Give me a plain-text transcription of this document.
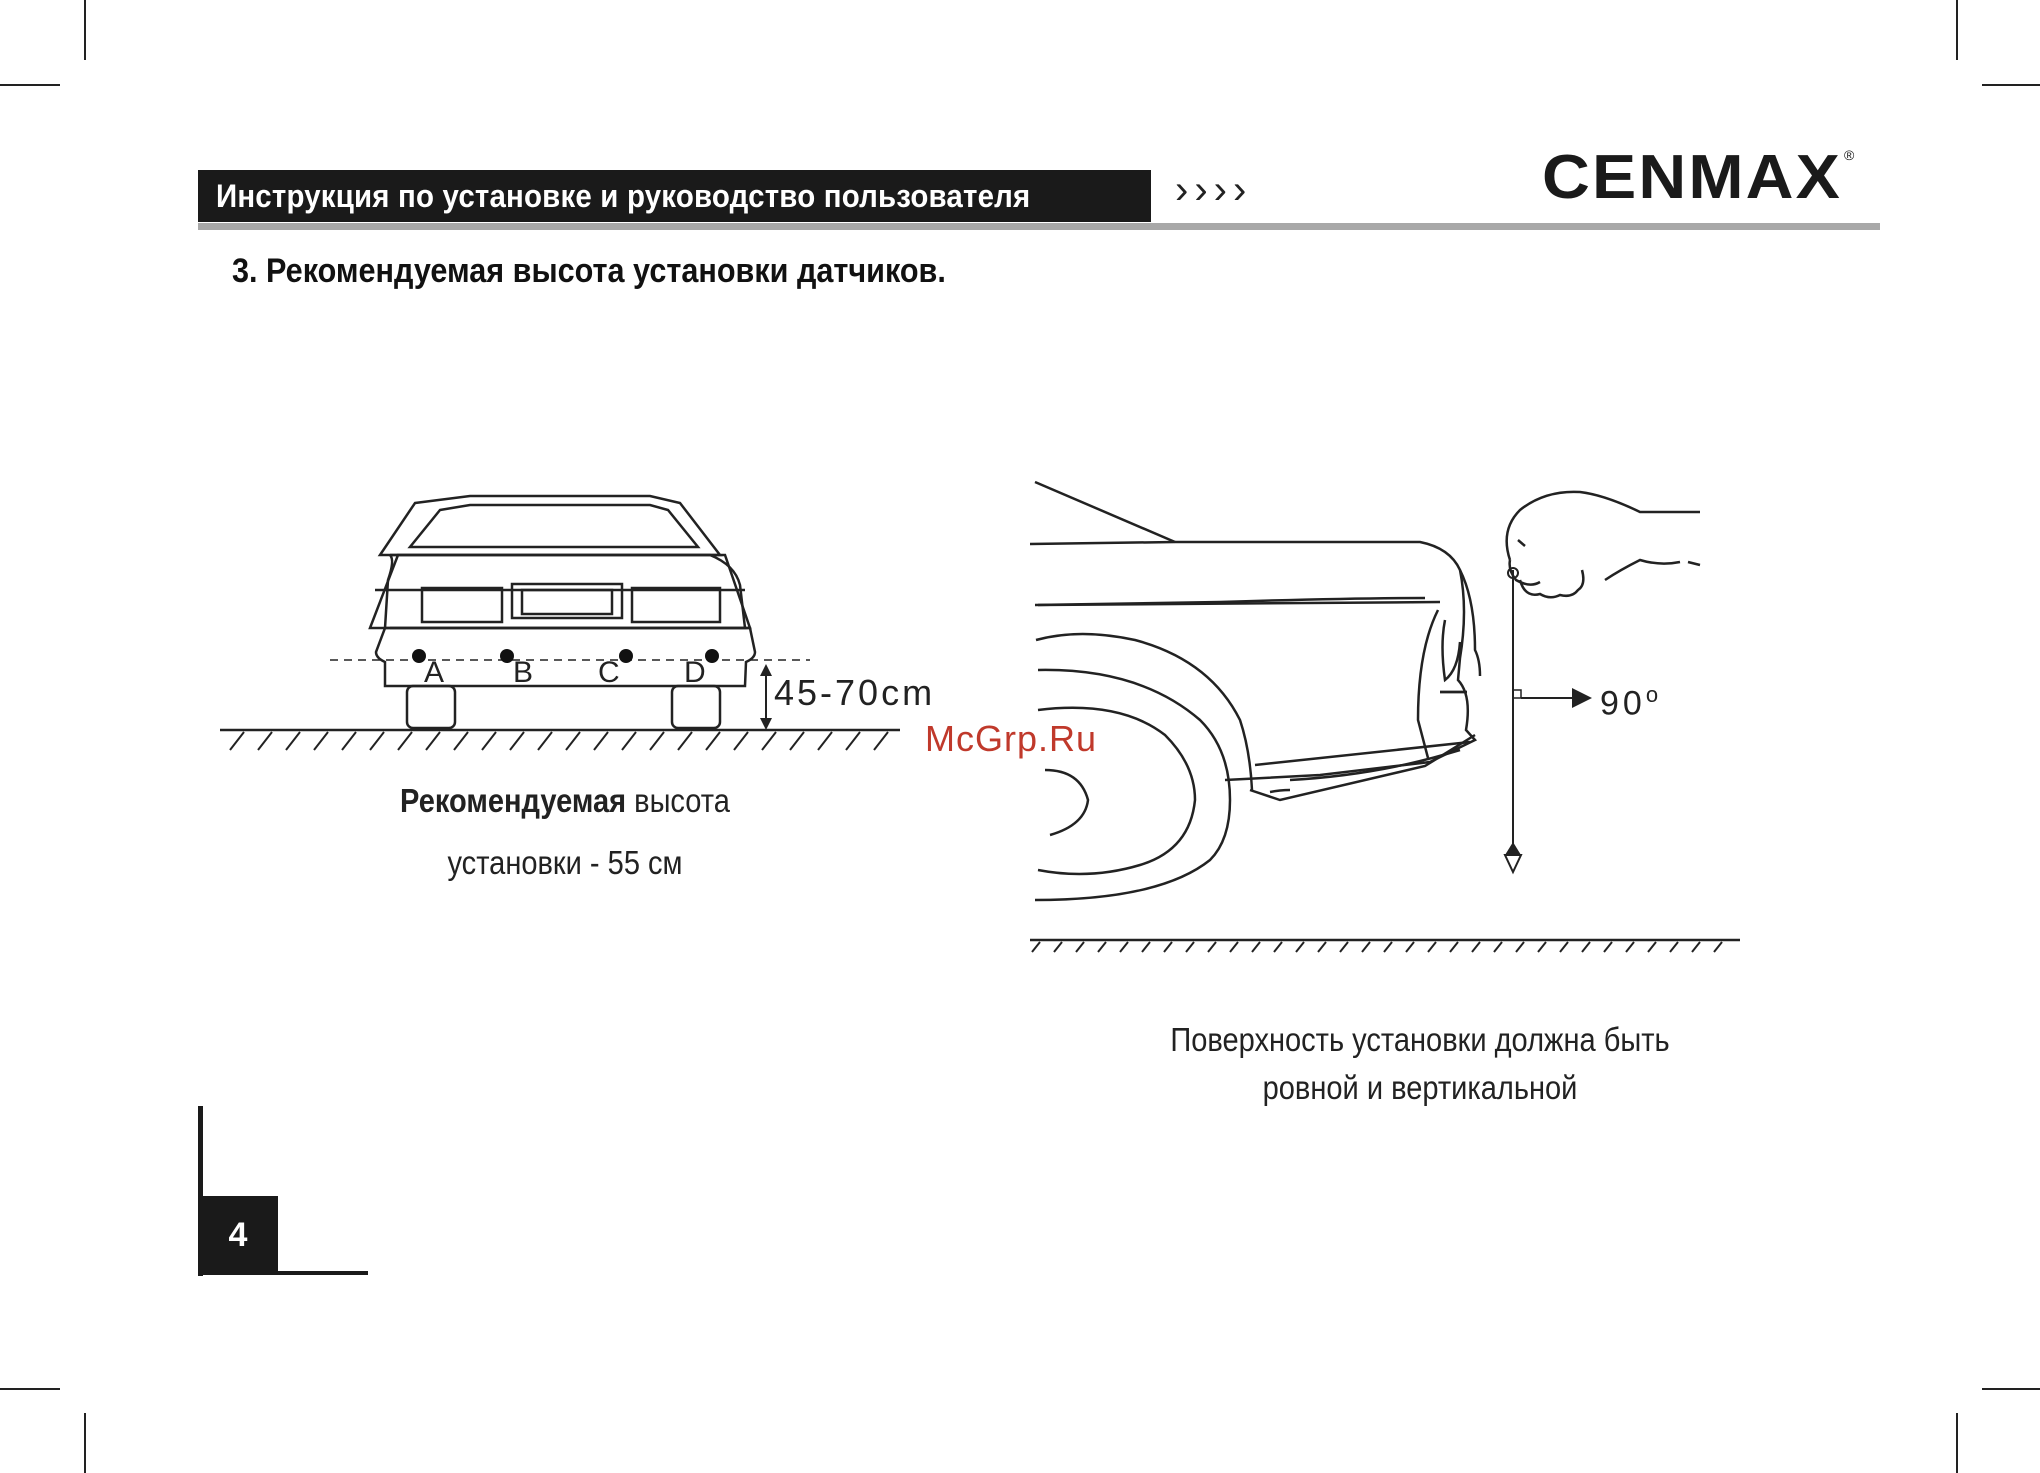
Инструкция по установке и руководство пользователя	››››	CENMAX ®
3. Рекомендуемая высота установки датчиков.
A B C D 45-70cm	90$^o$
McGrp.Ru
Рекомендуемая высота
установки - 55 см
Поверхность установки должна быть
ровной и вертикальной
4
